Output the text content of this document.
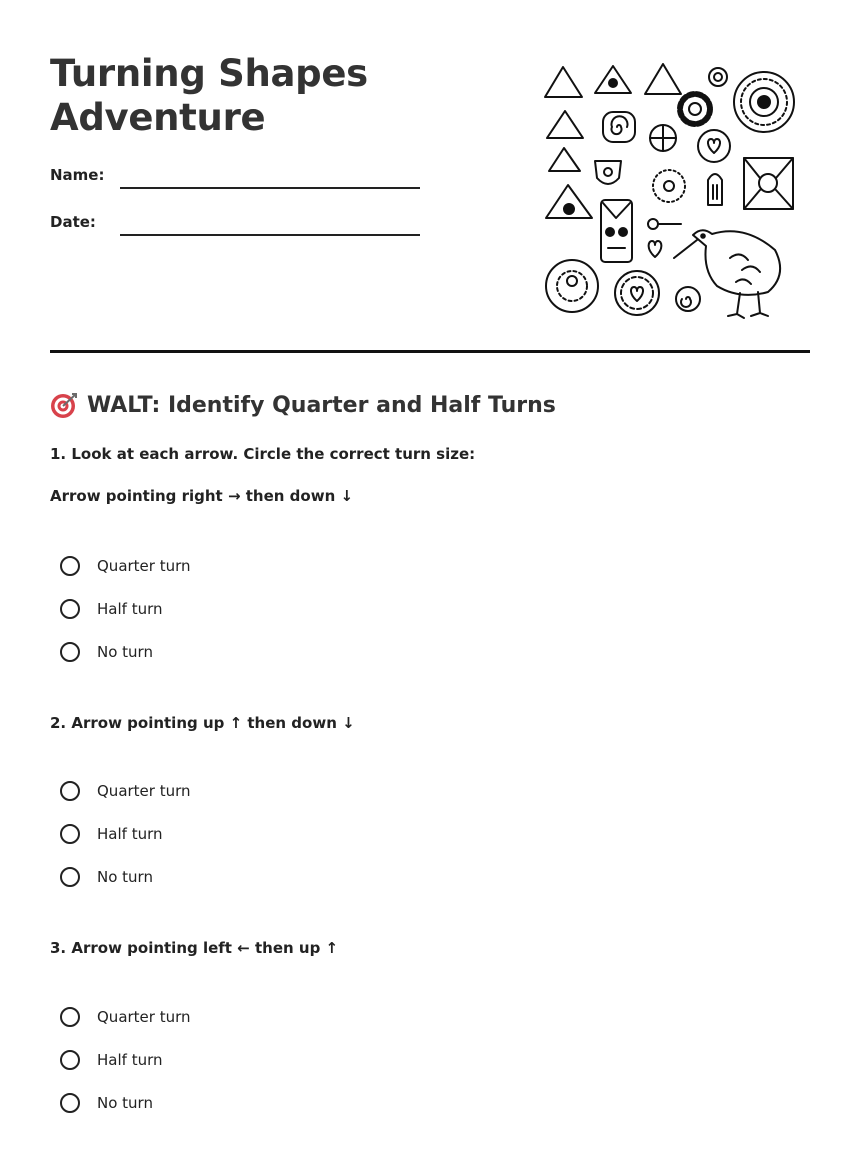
Turning Shapes
Adventure
Name:
Date:
WALT: Identify Quarter and Half Turns
1. Look at each arrow. Circle the correct turn size:
Arrow pointing right → then down ↓
Quarter turn
Half turn
No turn
2. Arrow pointing up ↑ then down ↓
Quarter turn
Half turn
No turn
3. Arrow pointing left ← then up ↑
Quarter turn
Half turn
No turn
